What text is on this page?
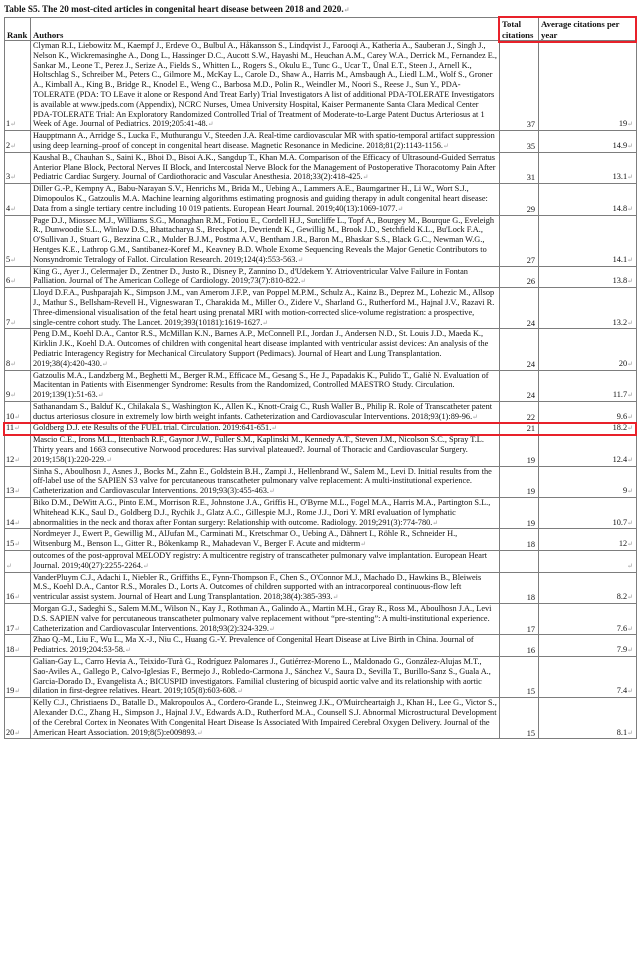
Table S5. The 20 most-cited articles in congenital heart disease between 2018 and 2020.↵
Rank	Authors	Total citations	Average citations per year
1↵	Clyman R.I., Liebowitz M., Kaempf J., Erdeve O., Bulbul A., Håkansson S., Lindqvist J., Farooqi A., Katheria A., Sauberan J., Singh J., Nelson K., Wickremasinghe A., Dong L., Hassinger D.C., Aucott S.W., Hayashi M., Heuchan A.M., Carey W.A., Derrick M., Fernandez E., Sankar M., Leone T., Perez J., Serize A., Fields S., Whitten L., Rogers S., Okulu E., Tunc G., Ucar T., Ünal E.T., Steen J., Arnell K., Holtschlag S., Schreiber M., Peters C., Gilmore M., McKay L., Carole D., Shaw A., Harris M., Amsbaugh A., Liedl L.M., Wolf S., Groner A., Kimball A., King B., Bridge R., Knodel E., Weng C., Barbosa M.D., Polin R., Weindler M., Noori S., Reese J., Sun Y., PDA-TOLERATE (PDA: TO LEave it alone or Respond And Treat Early) Trial Investigators A list of additional PDA-TOLERATE Investigators is available at www.jpeds.com (Appendix), NCRC Nurses, Umea University Hospital, Kaiser Permanente Santa Clara Medical Center PDA-TOLERATE Trial: An Exploratory Randomized Controlled Trial of Treatment of Moderate-to-Large Patent Ductus Arteriosus at 1 Week of Age. Journal of Pediatrics. 2019;205:41-48.↵	37	19↵
2↵	Haupptmann A., Arridge S., Lucka F., Muthurangu V., Steeden J.A. Real-time cardiovascular MR with spatio-temporal artifact suppression using deep learning–proof of concept in congenital heart disease. Magnetic Resonance in Medicine. 2018;81(2):1143-1156.↵	35	14.9↵
3↵	Kaushal B., Chauhan S., Saini K., Bhoi D., Bisoi A.K., Sangdup T., Khan M.A. Comparison of the Efficacy of Ultrasound-Guided Serratus Anterior Plane Block, Pectoral Nerves II Block, and Intercostal Nerve Block for the Management of Postoperative Thoracotomy Pain After Pediatric Cardiac Surgery. Journal of Cardiothoracic and Vascular Anesthesia. 2018;33(2):418-425.↵	31	13.1↵
4↵	Diller G.-P., Kempny A., Babu-Narayan S.V., Henrichs M., Brida M., Uebing A., Lammers A.E., Baumgartner H., Li W., Wort S.J., Dimopoulos K., Gatzoulis M.A. Machine learning algorithms estimating prognosis and guiding therapy in adult congenital heart disease: Data from a single tertiary centre including 10 019 patients. European Heart Journal. 2019;40(13):1069-1077.↵	29	14.8↵
5↵	Page D.J., Miossec M.J., Williams S.G., Monaghan R.M., Fotiou E., Cordell H.J., Sutcliffe L., Topf A., Bourgey M., Bourque G., Eveleigh R., Dunwoodie S.L., Winlaw D.S., Bhattacharya S., Breckpot J., Devriendt K., Gewillig M., Brook J.D., Setchfield K.L., Bu'Lock F.A., O'Sullivan J., Stuart G., Bezzina C.R., Mulder B.J.M., Postma A.V., Bentham J.R., Baron M., Bhaskar S.S., Black G.C., Newman W.G., Hentges K.E., Lathrop G.M., Santibanez-Koref M., Keavney B.D. Whole Exome Sequencing Reveals the Major Genetic Contributors to Nonsyndromic Tetralogy of Fallot. Circulation Research. 2019;124(4):553-563.↵	27	14.1↵
6↵	King G., Ayer J., Celermajer D., Zentner D., Justo R., Disney P., Zannino D., d'Udekem Y. Atrioventricular Valve Failure in Fontan Palliation. Journal of The American College of Cardiology. 2019;73(7):810-822.↵	26	13.8↵
7↵	Lloyd D.F.A., Pushparajah K., Simpson J.M., van Amerom J.F.P., van Poppel M.P.M., Schulz A., Kainz B., Deprez M., Lohezic M., Allsop J., Mathur S., Bellsham-Revell H., Vigneswaran T., Charakida M., Miller O., Zidere V., Sharland G., Rutherford M., Hajnal J.V., Razavi R. Three-dimensional visualisation of the fetal heart using prenatal MRI with motion-corrected slice-volume registration: a prospective, single-centre cohort study. The Lancet. 2019;393(10181):1619-1627.↵	24	13.2↵
8↵	Peng D.M., Koehl D.A., Cantor R.S., McMillan K.N., Barnes A.P., McConnell P.I., Jordan J., Andersen N.D., St. Louis J.D., Maeda K., Kirklin J.K., Koehl D.A. Outcomes of children with congenital heart disease implanted with ventricular assist devices: An analysis of the Pediatric Interagency Registry for Mechanical Circulatory Support (Pedimacs). Journal of Heart and Lung Transplantation. 2019;38(4):420-430.↵	24	20↵
9↵	Gatzoulis M.A., Landzberg M., Beghetti M., Berger R.M., Efficace M., Gesang S., He J., Papadakis K., Pulido T., Galiè N. Evaluation of Macitentan in Patients with Eisenmenger Syndrome: Results from the Randomized, Controlled MAESTRO Study. Circulation. 2019;139(1):51-63.↵	24	11.7↵
10↵	Sathanandam S., Balduf K., Chilakala S., Washington K., Allen K., Knott-Craig C., Rush Waller B., Philip R. Role of Transcatheter patent ductus arteriosus closure in extremely low birth weight infants. Catheterization and Cardiovascular Interventions. 2018;93(1):89-96.↵	22	9.6↵
11↵	Goldberg D.J. ete Results of the FUEL trial. Circulation. 2019:641-651.↵	21	18.2↵
12↵	Mascio C.E., Irons M.L., Ittenbach R.F., Gaynor J.W., Fuller S.M., Kaplinski M., Kennedy A.T., Steven J.M., Nicolson S.C., Spray T.L. Thirty years and 1663 consecutive Norwood procedures: Has survival plateaued?. Journal of Thoracic and Cardiovascular Surgery. 2019;158(1):220-229.↵	19	12.4↵
13↵	Sinha S., Aboulhosn J., Asnes J., Bocks M., Zahn E., Goldstein B.H., Zampi J., Hellenbrand W., Salem M., Levi D. Initial results from the off-label use of the SAPIEN S3 valve for percutaneous transcatheter pulmonary valve replacement: A multi-institutional experience. Catheterization and Cardiovascular Interventions. 2019;93(3):455-463.↵	19	9↵
14↵	Biko D.M., DeWitt A.G., Pinto E.M., Morrison R.E., Johnstone J.A., Griffis H., O'Byrne M.L., Fogel M.A., Harris M.A., Partington S.L., Whitehead K.K., Saul D., Goldberg D.J., Rychik J., Glatz A.C., Gillespie M.J., Rome J.J., Dori Y. MRI evaluation of lymphatic abnormalities in the neck and thorax after Fontan surgery: Relationship with outcome. Radiology. 2019;291(3):774-780.↵	19	10.7↵
15↵	Nordmeyer J., Ewert P., Gewillig M., AlJufan M., Carminati M., Kretschmar O., Uebing A., Dähnert I., Röhle R., Schneider H., Witsenburg M., Benson L., Gitter R., Bökenkamp R., Mahadevan V., Berger F. Acute and midterm↵	18	12↵
↵	outcomes of the post-approval MELODY registry: A multicentre registry of transcatheter pulmonary valve implantation. European Heart Journal. 2019;40(27):2255-2264.↵		↵
16↵	VanderPluym C.J., Adachi I., Niebler R., Griffiths E., Fynn-Thompson F., Chen S., O'Connor M.J., Machado D., Hawkins B., Bleiweis M.S., Koehl D.A., Cantor R.S., Morales D., Lorts A. Outcomes of children supported with an intracorporeal continuous-flow left ventricular assist system. Journal of Heart and Lung Transplantation. 2018;38(4):385-393.↵	18	8.2↵
17↵	Morgan G.J., Sadeghi S., Salem M.M., Wilson N., Kay J., Rothman A., Galindo A., Martin M.H., Gray R., Ross M., Aboulhosn J.A., Levi D.S. SAPIEN valve for percutaneous transcatheter pulmonary valve replacement without “pre-stenting”: A multi-institutional experience. Catheterization and Cardiovascular Interventions. 2018;93(2):324-329.↵	17	7.6↵
18↵	Zhao Q.-M., Liu F., Wu L., Ma X.-J., Niu C., Huang G.-Y. Prevalence of Congenital Heart Disease at Live Birth in China. Journal of Pediatrics. 2019;204:53-58.↵	16	7.9↵
19↵	Galian-Gay L., Carro Hevia A., Teixido-Turà G., Rodríguez Palomares J., Gutiérrez-Moreno L., Maldonado G., González-Alujas M.T., Sao-Aviles A., Gallego P., Calvo-Iglesias F., Bermejo J., Robledo-Carmona J., Sánchez V., Saura D., Sevilla T., Burillo-Sanz S., Guala A., Garcia-Dorado D., Evangelista A.; BICUSPID investigators. Familial clustering of bicuspid aortic valve and its relationship with aortic dilation in first-degree relatives. Heart. 2019;105(8):603-608.↵	15	7.4↵
20↵	Kelly C.J., Christiaens D., Batalle D., Makropoulos A., Cordero-Grande L., Steinweg J.K., O'Muircheartaigh J., Khan H., Lee G., Victor S., Alexander D.C., Zhang H., Simpson J., Hajnal J.V., Edwards A.D., Rutherford M.A., Counsell S.J. Abnormal Microstructural Development of the Cerebral Cortex in Neonates With Congenital Heart Disease Is Associated With Impaired Cerebral Oxygen Delivery. Journal of the American Heart Association. 2019;8(5):e009893.↵	15	8.1↵
